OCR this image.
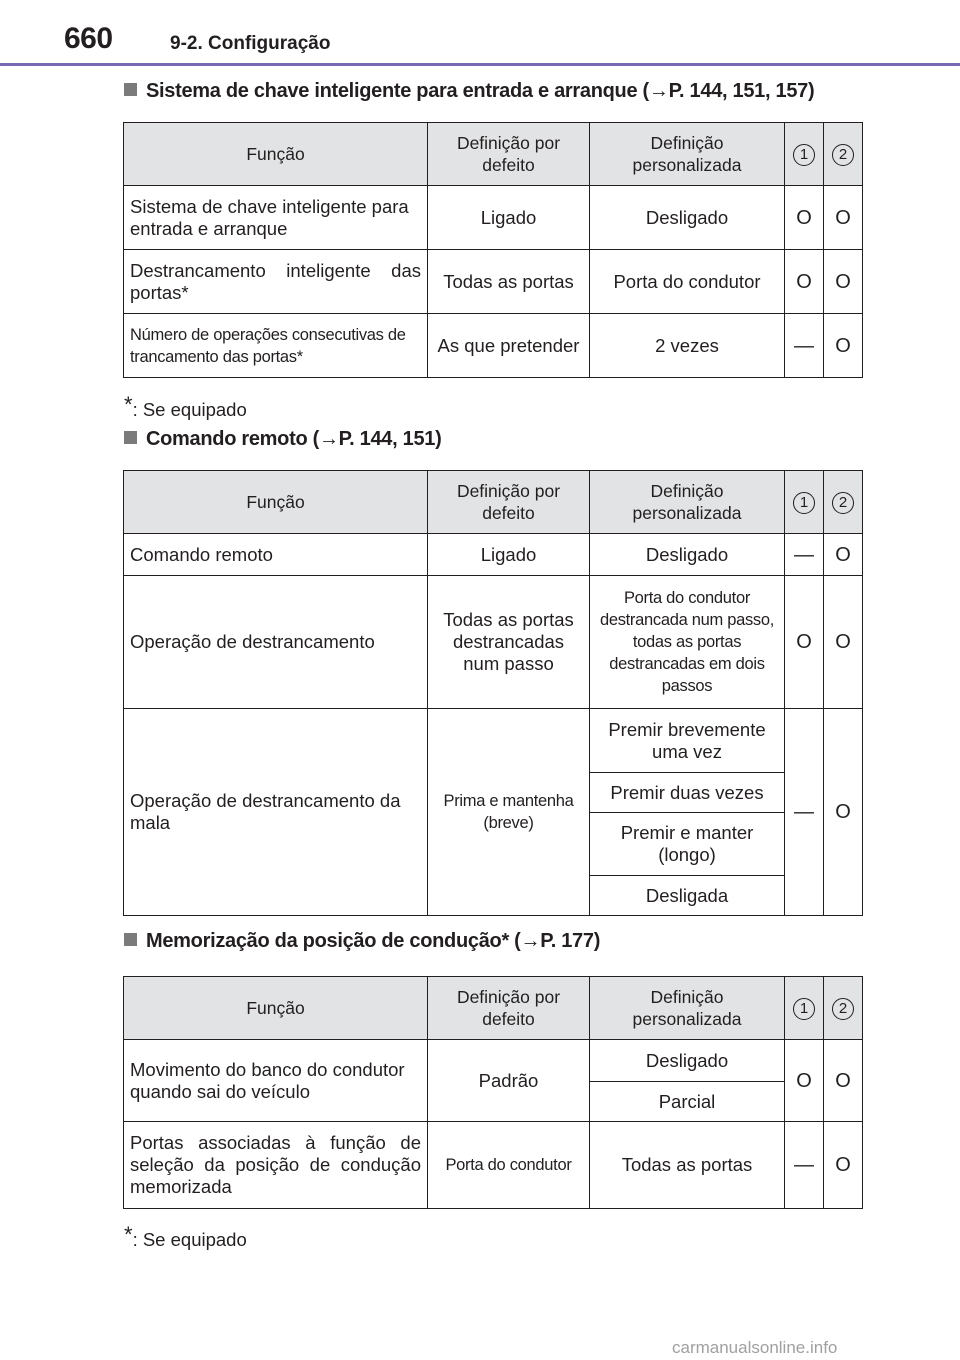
660	9-2. Configuração
Sistema de chave inteligente para entrada e arranque (→P. 144, 151, 157)
Função	Definição por defeito	Definição personalizada	1	2
Sistema de chave inteligente para entrada e arranque	Ligado	Desligado	O	O
Destrancamento inteligente das portas*	Todas as portas	Porta do condutor	O	O
Número de operações consecutivas de trancamento das portas*	As que pretender	2 vezes	—	O
*: Se equipado
Comando remoto (→P. 144, 151)
Função	Definição por defeito	Definição personalizada	1	2
Comando remoto	Ligado	Desligado	—	O
Operação de destrancamento	Todas as portas destrancadas num passo	Porta do condutor destrancada num passo, todas as portas destrancadas em dois passos	O	O
Operação de destrancamento da mala	Prima e mantenha (breve)	Premir brevemente uma vez	—	O
		Premir duas vezes		
		Premir e manter (longo)		
		Desligada		
Memorização da posição de condução* (→P. 177)
Função	Definição por defeito	Definição personalizada	1	2
Movimento do banco do condutor quando sai do veículo	Padrão	Desligado	O	O
		Parcial		
Portas associadas à função de seleção da posição de condução memorizada	Porta do condutor	Todas as portas	—	O
*: Se equipado
carmanualsonline.info
